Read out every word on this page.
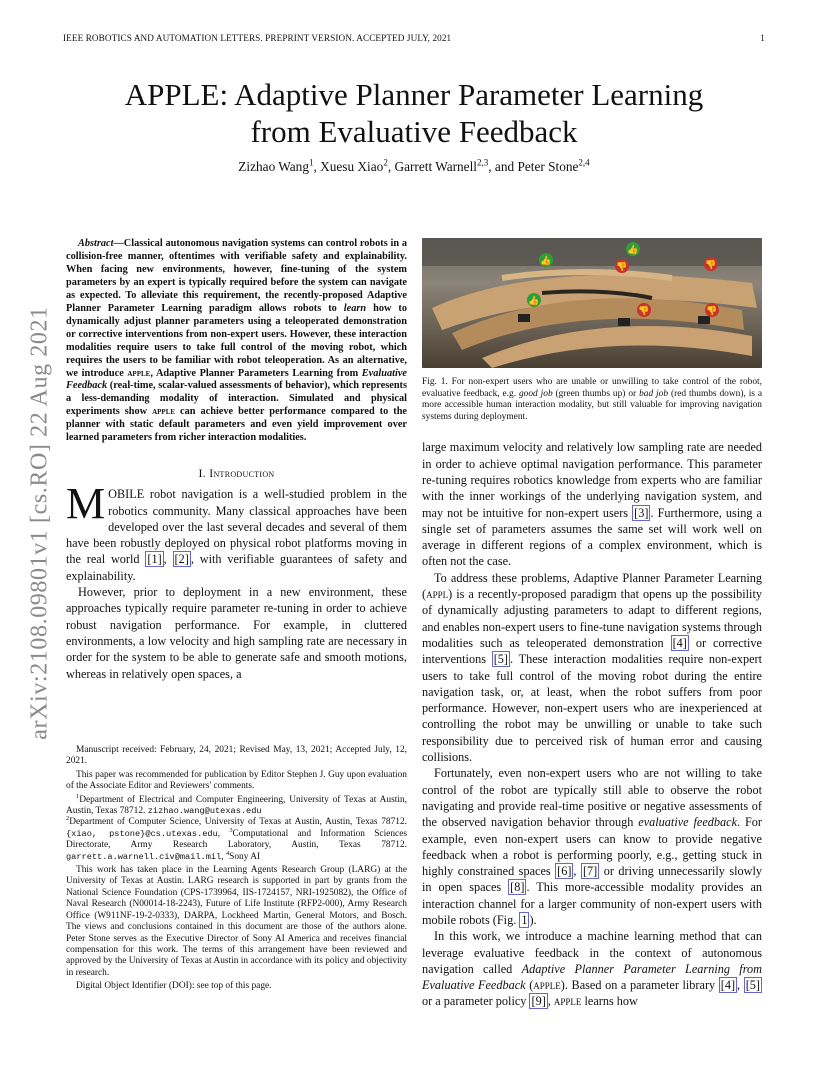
IEEE ROBOTICS AND AUTOMATION LETTERS. PREPRINT VERSION. ACCEPTED JULY, 2021	1
arXiv:2108.09801v1 [cs.RO] 22 Aug 2021
APPLE: Adaptive Planner Parameter Learning
from Evaluative Feedback
Zizhao Wang$^1$, Xuesu Xiao$^2$, Garrett Warnell$^{2,3}$, and Peter Stone$^{2,4}$

Abstract—Classical autonomous navigation systems can control robots in a collision-free manner, oftentimes with verifiable safety and explainability. When facing new environments, however, fine-tuning of the system parameters by an expert is typically required before the system can navigate as expected. To alleviate this requirement, the recently-proposed Adaptive Planner Parameter Learning paradigm allows robots to learn how to dynamically adjust planner parameters using a teleoperated demonstration or corrective interventions from non-expert users. However, these interaction modalities require users to take full control of the moving robot, which requires the users to be familiar with robot teleoperation. As an alternative, we introduce apple, Adaptive Planner Parameters Learning from Evaluative Feedback (real-time, scalar-valued assessments of behavior), which represents a less-demanding modality of interaction. Simulated and physical experiments show apple can achieve better performance compared to the planner with static default parameters and even yield improvement over learned parameters from richer interaction modalities.

I. Introduction

MOBILE robot navigation is a well-studied problem in the robotics community. Many classical approaches have been developed over the last several decades and several of them have been robustly deployed on physical robot platforms moving in the real world [1] , [2] , with verifiable guarantees of safety and explainability.

However, prior to deployment in a new environment, these approaches typically require parameter re-tuning in order to achieve robust navigation performance. For example, in cluttered environments, a low velocity and high sampling rate are necessary in order for the system to be able to generate safe and smooth motions, whereas in relatively open spaces, a

Manuscript received: February, 24, 2021; Revised May, 13, 2021; Accepted July, 12, 2021.

This paper was recommended for publication by Editor Stephen J. Guy upon evaluation of the Associate Editor and Reviewers' comments.

$^1$Department of Electrical and Computer Engineering, University of Texas at Austin, Austin, Texas 78712. zizhao.wang@utexas.edu
$^2$Department of Computer Science, University of Texas at Austin, Austin, Texas 78712. {xiao, pstone}@cs.utexas.edu, $^3$Computational and Information Sciences Directorate, Army Research Laboratory, Austin, Texas 78712. garrett.a.warnell.civ@mail.mil, $^4$Sony AI

This work has taken place in the Learning Agents Research Group (LARG) at the University of Texas at Austin. LARG research is supported in part by grants from the National Science Foundation (CPS-1739964, IIS-1724157, NRI-1925082), the Office of Naval Research (N00014-18-2243), Future of Life Institute (RFP2-000), Army Research Office (W911NF-19-2-0333), DARPA, Lockheed Martin, General Motors, and Bosch. The views and conclusions contained in this document are those of the authors alone. Peter Stone serves as the Executive Director of Sony AI America and receives financial compensation for this work. The terms of this arrangement have been reviewed and approved by the University of Texas at Austin in accordance with its policy and objectivity in research.

Digital Object Identifier (DOI): see top of this page.

👍
👍
👍
👎	👎
👎	👎
Fig. 1. For non-expert users who are unable or unwilling to take control of the robot, evaluative feedback, e.g. good job (green thumbs up) or bad job (red thumbs down), is a more accessible human interaction modality, but still valuable for improving navigation systems during deployment.

large maximum velocity and relatively low sampling rate are needed in order to achieve optimal navigation performance. This parameter re-tuning requires robotics knowledge from experts who are familiar with the inner workings of the underlying navigation system, and may not be intuitive for non-expert users [3] . Furthermore, using a single set of parameters assumes the same set will work well on average in different regions of a complex environment, which is often not the case.

To address these problems, Adaptive Planner Parameter Learning (appl) is a recently-proposed paradigm that opens up the possibility of dynamically adjusting parameters to adapt to different regions, and enables non-expert users to fine-tune navigation systems through modalities such as teleoperated demonstration [4] or corrective interventions [5] . These interaction modalities require non-expert users to take full control of the moving robot during the entire navigation task, or, at least, when the robot suffers from poor performance. However, non-expert users who are inexperienced at controlling the robot may be unwilling or unable to take such responsibility due to perceived risk of human error and causing collisions.

Fortunately, even non-expert users who are not willing to take control of the robot are typically still able to observe the robot navigating and provide real-time positive or negative assessments of the observed navigation behavior through evaluative feedback. For example, even non-expert users can know to provide negative feedback when a robot is performing poorly, e.g., getting stuck in highly constrained spaces [6] , [7] or driving unnecessarily slowly in open spaces [8] . This more-accessible modality provides an interaction channel for a larger community of non-expert users with mobile robots (Fig. 1 ).

In this work, we introduce a machine learning method that can leverage evaluative feedback in the context of autonomous navigation called Adaptive Planner Parameter Learning from Evaluative Feedback (apple). Based on a parameter library [4] , [5] or a parameter policy [9] , apple learns how
